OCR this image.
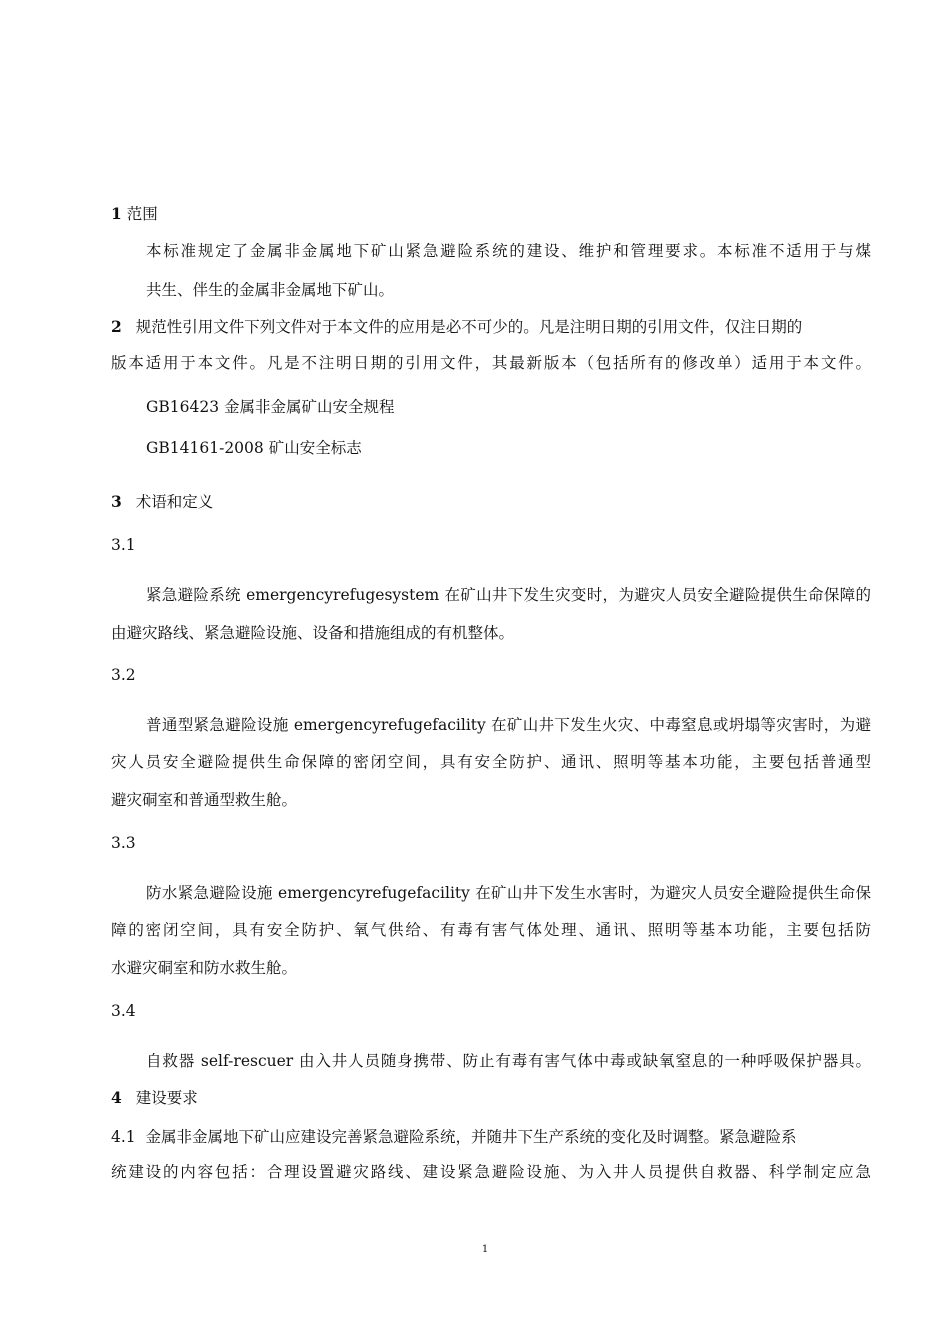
1 范围
本标准规定了金属非金属地下矿山紧急避险系统的建设、维护和管理要求。本标准不适用于与煤
共生、伴生的金属非金属地下矿山。
2 规范性引用文件下列文件对于本文件的应用是必不可少的。凡是注明日期的引用文件，仅注日期的
版本适用于本文件。凡是不注明日期的引用文件，其最新版本（包括所有的修改单）适用于本文件。
GB16423 金属非金属矿山安全规程
GB14161-2008 矿山安全标志
3 术语和定义
3.1
紧急避险系统 emergencyrefugesystem 在矿山井下发生灾变时，为避灾人员安全避险提供生命保障的
由避灾路线、紧急避险设施、设备和措施组成的有机整体。
3.2
普通型紧急避险设施 emergencyrefugefacility 在矿山井下发生火灾、中毒窒息或坍塌等灾害时，为避
灾人员安全避险提供生命保障的密闭空间，具有安全防护、通讯、照明等基本功能，主要包括普通型
避灾硐室和普通型救生舱。
3.3
防水紧急避险设施 emergencyrefugefacility 在矿山井下发生水害时，为避灾人员安全避险提供生命保
障的密闭空间，具有安全防护、氧气供给、有毒有害气体处理、通讯、照明等基本功能，主要包括防
水避灾硐室和防水救生舱。
3.4
自救器 self-rescuer 由入井人员随身携带、防止有毒有害气体中毒或缺氧窒息的一种呼吸保护器具。
4 建设要求
4.1 金属非金属地下矿山应建设完善紧急避险系统，并随井下生产系统的变化及时调整。紧急避险系
统建设的内容包括：合理设置避灾路线、建设紧急避险设施、为入井人员提供自救器、科学制定应急
1
